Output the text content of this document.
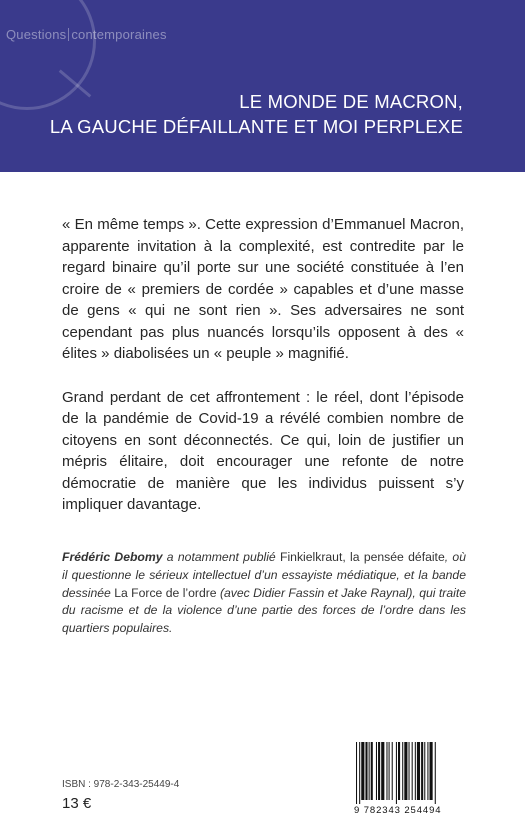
Questions contemporaines
LE MONDE DE MACRON,
LA GAUCHE DÉFAILLANTE ET MOI PERPLEXE

« En même temps ». Cette expression d’Emmanuel Macron, apparente invitation à la complexité, est contredite par le regard binaire qu’il porte sur une société constituée à l’en croire de « premiers de cordée » capables et d’une masse de gens « qui ne sont rien ». Ses adversaires ne sont cependant pas plus nuancés lorsqu’ils opposent à des « élites » diabolisées un « peuple » magnifié.

Grand perdant de cet affrontement : le réel, dont l’épisode de la pandémie de Covid-19 a révélé combien nombre de citoyens en sont déconnectés. Ce qui, loin de justifier un mépris élitaire, doit encourager une refonte de notre démocratie de manière que les individus puissent s’y impliquer davantage.

Frédéric Debomy a notamment publié Finkielkraut, la pensée défaite, où il questionne le sérieux intellectuel d’un essayiste médiatique, et la bande dessinée La Force de l’ordre (avec Didier Fassin et Jake Raynal), qui traite du racisme et de la violence d’une partie des forces de l’ordre dans les quartiers populaires.
ISBN : 978-2-343-25449-4
13 €	9 782343 254494
